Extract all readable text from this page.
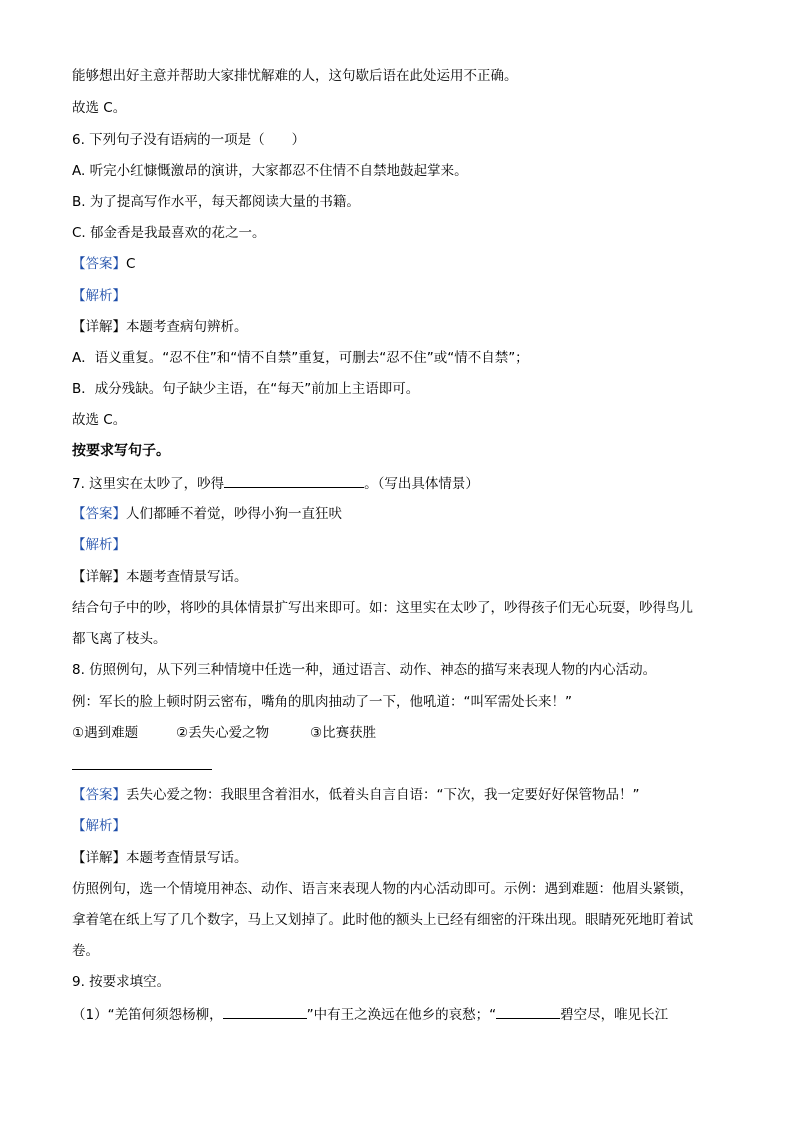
能够想出好主意并帮助大家排忧解难的人，这句歇后语在此处运用不正确。
故选 C。
6. 下列句子没有语病的一项是（　　）
A. 听完小红慷慨激昂的演讲，大家都忍不住情不自禁地鼓起掌来。
B. 为了提高写作水平，每天都阅读大量的书籍。
C. 郁金香是我最喜欢的花之一。
【答案】C
【解析】
【详解】本题考查病句辨析。
A．语义重复。“忍不住”和“情不自禁”重复，可删去“忍不住”或“情不自禁”；
B．成分残缺。句子缺少主语，在“每天”前加上主语即可。
故选 C。
按要求写句子。
7. 这里实在太吵了，吵得	。（写出具体情景）
【答案】人们都睡不着觉，吵得小狗一直狂吠
【解析】
【详解】本题考查情景写话。
结合句子中的吵，将吵的具体情景扩写出来即可。如：这里实在太吵了，吵得孩子们无心玩耍，吵得鸟儿
都飞离了枝头。
8. 仿照例句，从下列三种情境中任选一种，通过语言、动作、神态的描写来表现人物的内心活动。
例：军长的脸上顿时阴云密布，嘴角的肌肉抽动了一下，他吼道：“叫军需处长来！”
①遇到难题	②丢失心爱之物	③比赛获胜
【答案】丢失心爱之物：我眼里含着泪水，低着头自言自语：“下次，我一定要好好保管物品！”
【解析】
【详解】本题考查情景写话。
仿照例句，选一个情境用神态、动作、语言来表现人物的内心活动即可。示例：遇到难题：他眉头紧锁，
拿着笔在纸上写了几个数字，马上又划掉了。此时他的额头上已经有细密的汗珠出现。眼睛死死地盯着试
卷。
9. 按要求填空。
（1）“羌笛何须怨杨柳，	”中有王之涣远在他乡的哀愁；“	碧空尽，唯见长江
